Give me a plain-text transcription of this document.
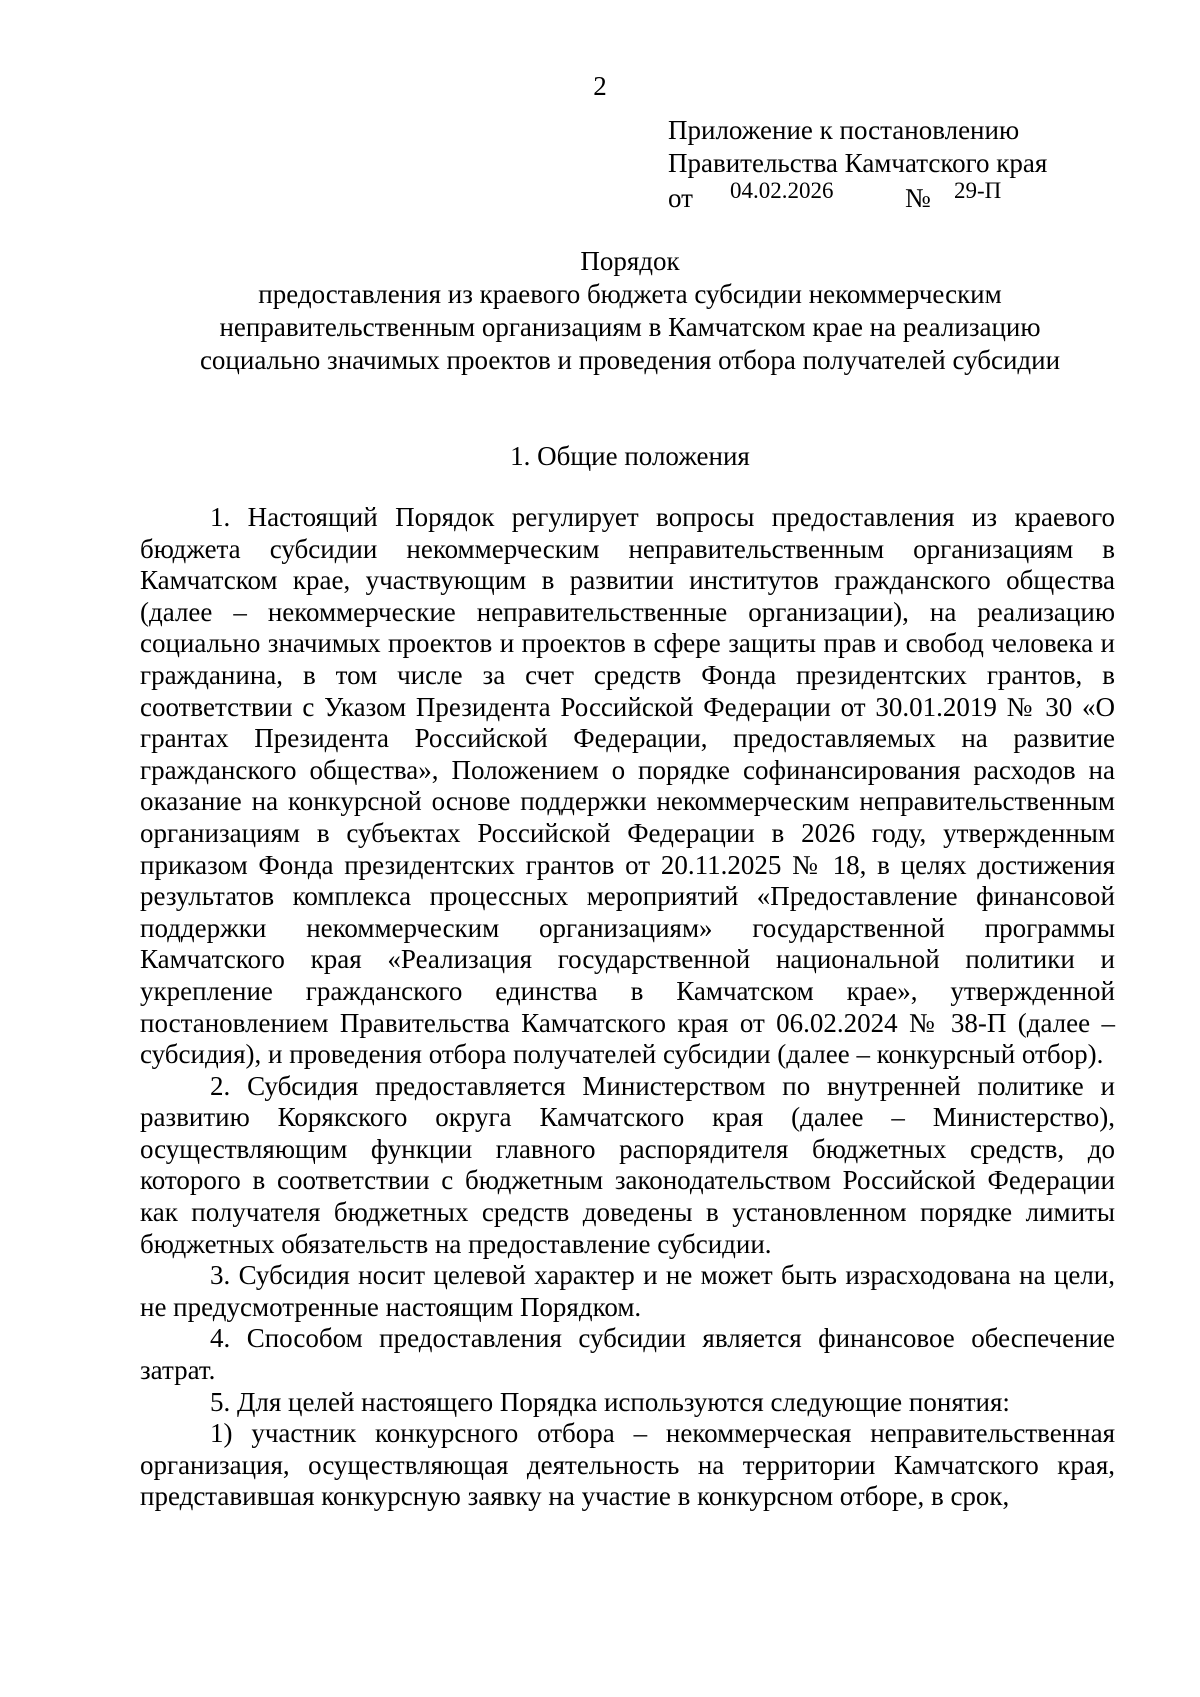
2
Приложение к постановлению
Правительства Камчатского края
от 04.02.2026	№ 29-П
Порядок
предоставления из краевого бюджета субсидии некоммерческим
неправительственным организациям в Камчатском крае на реализацию
социально значимых проектов и проведения отбора получателей субсидии
1. Общие положения

1. Настоящий Порядок регулирует вопросы предоставления из краевого бюджета субсидии некоммерческим неправительственным организациям в Камчатском крае, участвующим в развитии институтов гражданского общества (далее – некоммерческие неправительственные организации), на реализацию социально значимых проектов и проектов в сфере защиты прав и свобод человека и гражданина, в том числе за счет средств Фонда президентских грантов, в соответствии с Указом Президента Российской Федерации от 30.01.2019 № 30 «О грантах Президента Российской Федерации, предоставляемых на развитие гражданского общества», Положением о порядке софинансирования расходов на оказание на конкурсной основе поддержки некоммерческим неправительственным организациям в субъектах Российской Федерации в 2026 году, утвержденным приказом Фонда президентских грантов от 20.11.2025 № 18, в целях достижения результатов комплекса процессных мероприятий «Предоставление финансовой поддержки некоммерческим организациям» государственной программы Камчатского края «Реализация государственной национальной политики и укрепление гражданского единства в Камчатском крае», утвержденной постановлением Правительства Камчатского края от 06.02.2024 № 38-П (далее – субсидия), и проведения отбора получателей субсидии (далее – конкурсный отбор).

2. Субсидия предоставляется Министерством по внутренней политике и развитию Корякского округа Камчатского края (далее – Министерство), осуществляющим функции главного распорядителя бюджетных средств, до которого в соответствии с бюджетным законодательством Российской Федерации как получателя бюджетных средств доведены в установленном порядке лимиты бюджетных обязательств на предоставление субсидии.

3. Субсидия носит целевой характер и не может быть израсходована на цели, не предусмотренные настоящим Порядком.

4. Способом предоставления субсидии является финансовое обеспечение затрат.

5. Для целей настоящего Порядка используются следующие понятия:

1) участник конкурсного отбора – некоммерческая неправительственная организация, осуществляющая деятельность на территории Камчатского края, представившая конкурсную заявку на участие в конкурсном отборе, в срок,
